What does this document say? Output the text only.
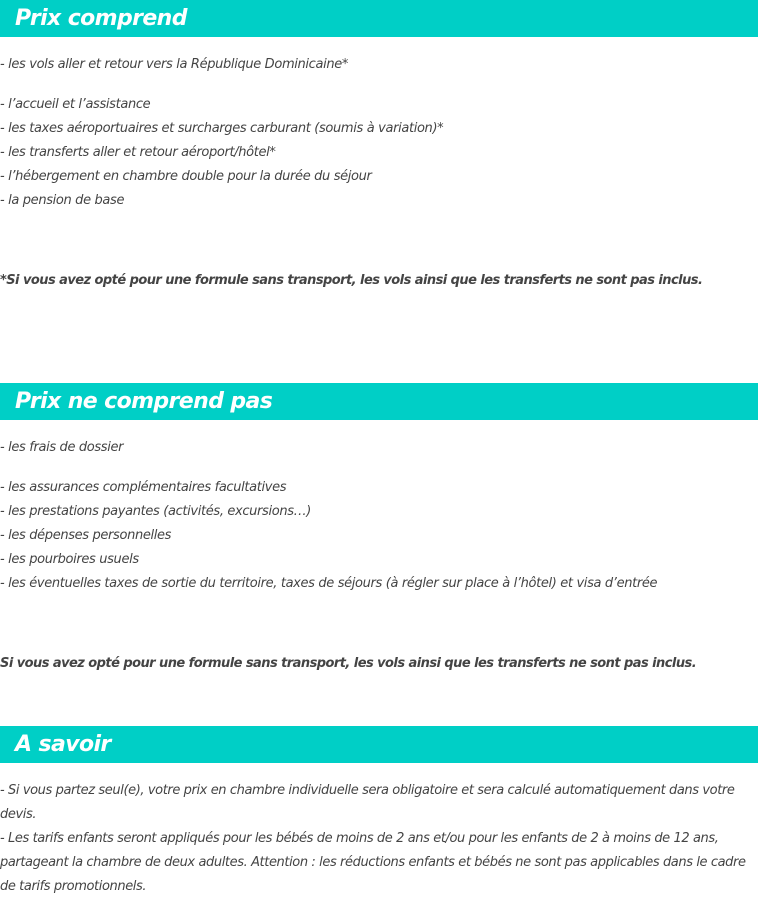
Prix comprend
- les vols aller et retour vers la République Dominicaine*
- l’accueil et l’assistance
- les taxes aéroportuaires et surcharges carburant (soumis à variation)*
- les transferts aller et retour aéroport/hôtel*
- l’hébergement en chambre double pour la durée du séjour
- la pension de base
*Si vous avez opté pour une formule sans transport, les vols ainsi que les transferts ne sont pas inclus.
Prix ne comprend pas
- les frais de dossier
- les assurances complémentaires facultatives
- les prestations payantes (activités, excursions…)
- les dépenses personnelles
- les pourboires usuels
- les éventuelles taxes de sortie du territoire, taxes de séjours (à régler sur place à l’hôtel) et visa d’entrée
Si vous avez opté pour une formule sans transport, les vols ainsi que les transferts ne sont pas inclus.
A savoir

- Si vous partez seul(e), votre prix en chambre individuelle sera obligatoire et sera calculé automatiquement dans votre devis.

- Les tarifs enfants seront appliqués pour les bébés de moins de 2 ans et/ou pour les enfants de 2 à moins de 12 ans, partageant la chambre de deux adultes. Attention : les réductions enfants et bébés ne sont pas applicables dans le cadre de tarifs promotionnels.
